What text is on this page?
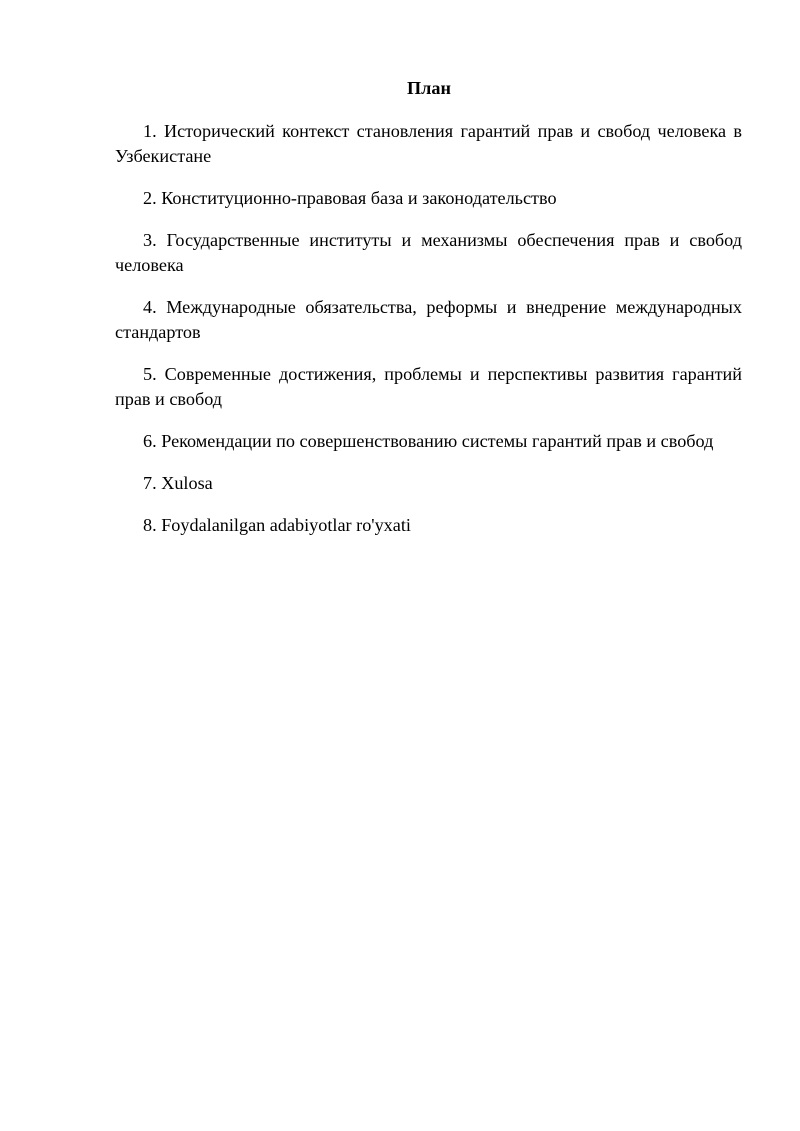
План
1. Исторический контекст становления гарантий прав и свобод человека в Узбекистане
2. Конституционно-правовая база и законодательство
3. Государственные институты и механизмы обеспечения прав и свобод человека
4. Международные обязательства, реформы и внедрение международных стандартов
5. Современные достижения, проблемы и перспективы развития гарантий прав и свобод
6. Рекомендации по совершенствованию системы гарантий прав и свобод
7. Xulosa
8. Foydalanilgan adabiyotlar ro'yxati
